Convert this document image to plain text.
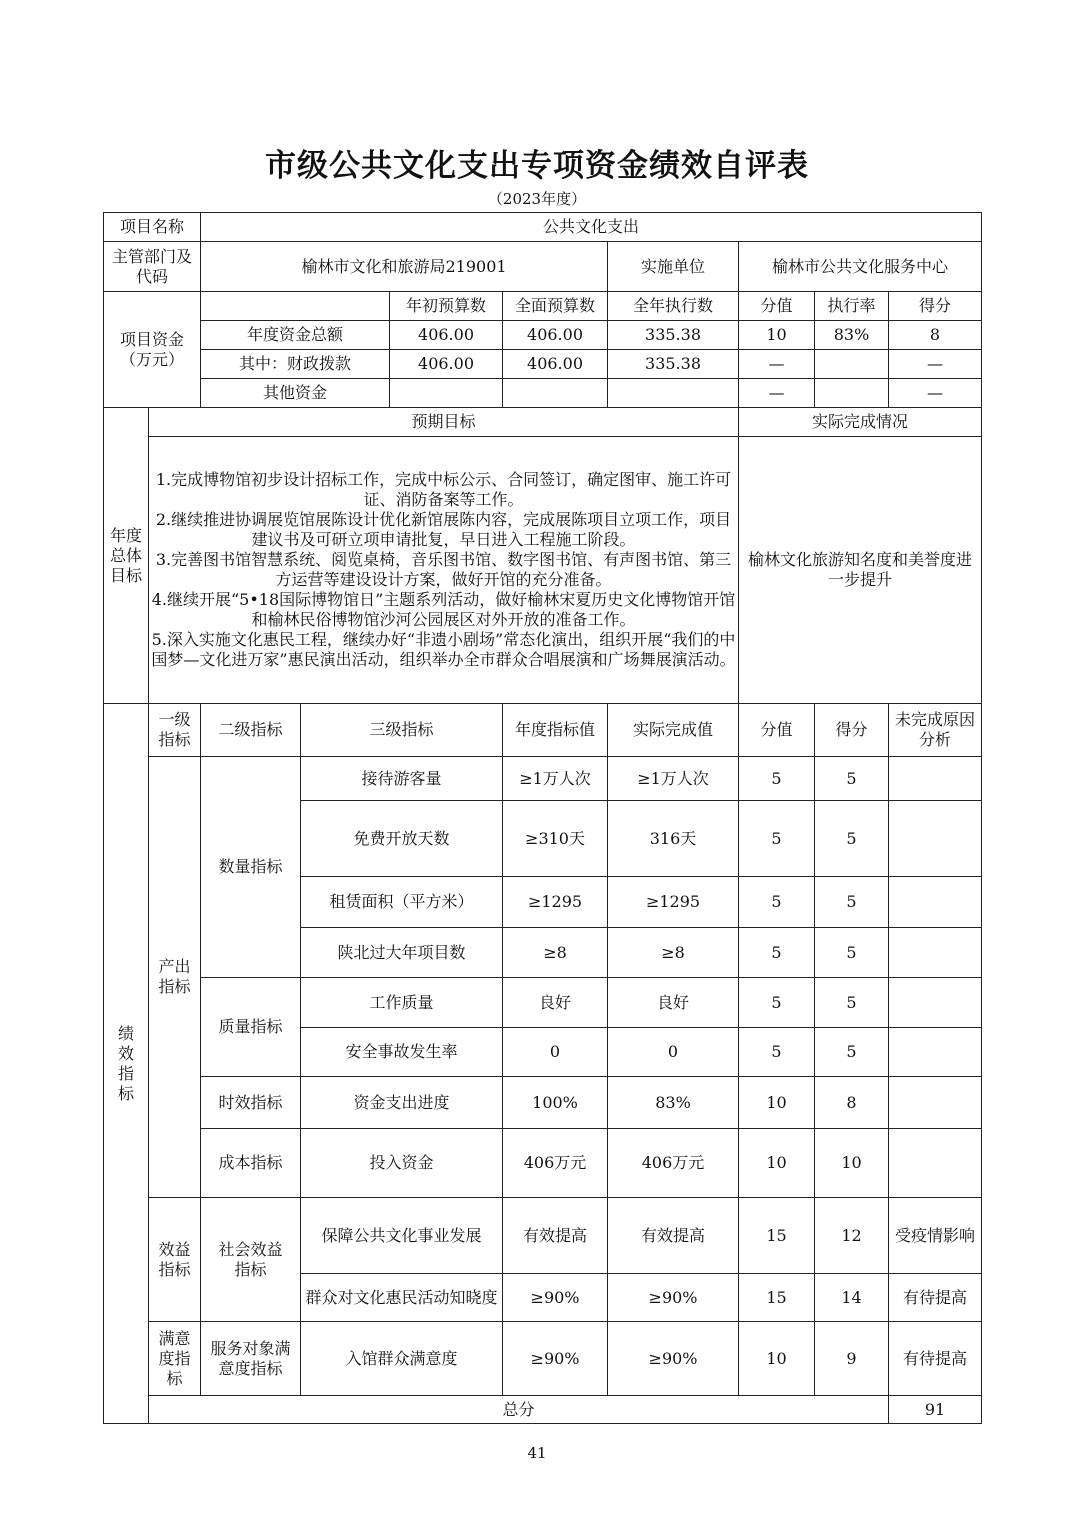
市级公共文化支出专项资金绩效自评表
（2023年度）
项目名称		公共文化支出								
主管部门及代码		榆林市文化和旅游局219001				实施单位	榆林市公共文化服务中心			
项目资金（万元）				年初预算数	全面预算数	全年执行数	分值	执行率	得分	
		年度资金总额		406.00	406.00	335.38	10	83%	8	
		其中：财政拨款		406.00	406.00	335.38	—		—	
		其他资金					—		—	
年度总体目标	预期目标						实际完成情况			

	1.完成博物馆初步设计招标工作，完成中标公示、合同签订，确定图审、施工许可证、消防备案等工作。
2.继续推进协调展览馆展陈设计优化新馆展陈内容，完成展陈项目立项工作，项目建议书及可研立项申请批复，早日进入工程施工阶段。
3.完善图书馆智慧系统、阅览桌椅，音乐图书馆、数字图书馆、有声图书馆、第三方运营等建设设计方案，做好开馆的充分准备。
4.继续开展“5•18国际博物馆日”主题系列活动，做好榆林宋夏历史文化博物馆开馆和榆林民俗博物馆沙河公园展区对外开放的准备工作。
5.深入实施文化惠民工程，继续办好“非遗小剧场”常态化演出，组织开展“我们的中国梦—文化进万家”惠民演出活动，组织举办全市群众合唱展演和广场舞展演活动。						榆林文化旅游知名度和美誉度进一步提升			
绩效指标	一级指标	二级指标	三级指标		年度指标值	实际完成值	分值	得分	未完成原因分析	
	产出指标	数量指标	接待游客量		≥1万人次	≥1万人次	5	5		
			免费开放天数		≥310天	316天	5	5		
			租赁面积（平方米）		≥1295	≥1295	5	5		
			陕北过大年项目数		≥8	≥8	5	5		
		质量指标	工作质量		良好	良好	5	5		
			安全事故发生率		0	0	5	5		
		时效指标	资金支出进度		100%	83%	10	8		
		成本指标	投入资金		406万元	406万元	10	10		
	效益指标	社会效益指标	保障公共文化事业发展		有效提高	有效提高	15	12	受疫情影响	
			群众对文化惠民活动知晓度		≥90%	≥90%	15	14	有待提高	
	满意度指标	服务对象满意度指标	入馆群众满意度		≥90%	≥90%	10	9	有待提高	
	总分								91	
41
